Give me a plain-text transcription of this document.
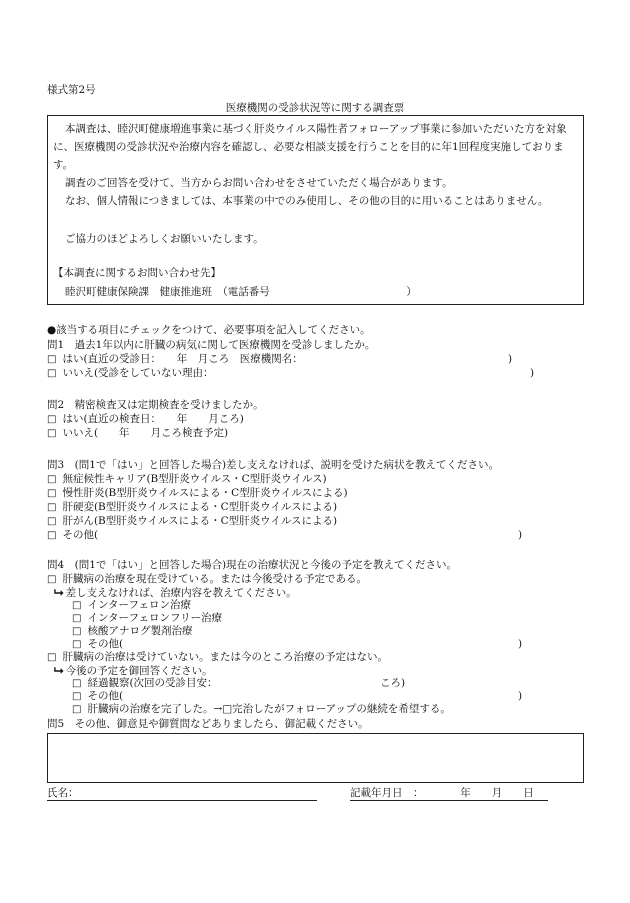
様式第2号
医療機関の受診状況等に関する調査票
本調査は、睦沢町健康増進事業に基づく肝炎ウイルス陽性者フォローアップ事業に参加いただいた方を対象に、医療機関の受診状況や治療内容を確認し、必要な相談支援を行うことを目的に年1回程度実施しております。
調査のご回答を受けて、当方からお問い合わせをさせていただく場合があります。
なお、個人情報につきましては、本事業の中でのみ使用し、その他の目的に用いることはありません。
ご協力のほどよろしくお願いいたします。
【本調査に関するお問い合わせ先】
睦沢町健康保険課　健康推進班　（電話番号　　　　　　　　　　　　　）
●該当する項目にチェックをつけて、必要事項を記入してください。
問1　過去1年以内に肝臓の病気に関して医療機関を受診しましたか。
□ はい(直近の受診日：　　年　月ころ　医療機関名：	)
□ いいえ(受診をしていない理由：	)
問2　精密検査又は定期検査を受けましたか。
□ はい(直近の検査日：　　年　　月ころ)
□ いいえ(　　年　　月ころ検査予定)
問3　(問1で「はい」と回答した場合)差し支えなければ、説明を受けた病状を教えてください。
□ 無症候性キャリア(B型肝炎ウイルス・C型肝炎ウイルス)
□ 慢性肝炎(B型肝炎ウイルスによる・C型肝炎ウイルスによる)
□ 肝硬変(B型肝炎ウイルスによる・C型肝炎ウイルスによる)
□ 肝がん(B型肝炎ウイルスによる・C型肝炎ウイルスによる)
□ その他(	)
問4　(問1で「はい」と回答した場合)現在の治療状況と今後の予定を教えてください。
□ 肝臓病の治療を現在受けている。または今後受ける予定である。
⮡ 差し支えなければ、治療内容を教えてください。
□ インターフェロン治療
□ インターフェロンフリー治療
□ 核酸アナログ製剤治療
□ その他(	)
□ 肝臓病の治療は受けていない。または今のところ治療の予定はない。
⮡ 今後の予定を御回答ください。
□ 経過観察(次回の受診目安：	ころ)
□ その他(	)
□ 肝臓病の治療を完了した。→□完治したがフォローアップの継続を希望する。
問5　その他、御意見や御質問などありましたら、御記載ください。
氏名：	記載年月日　：　　　　年　　月　　日
